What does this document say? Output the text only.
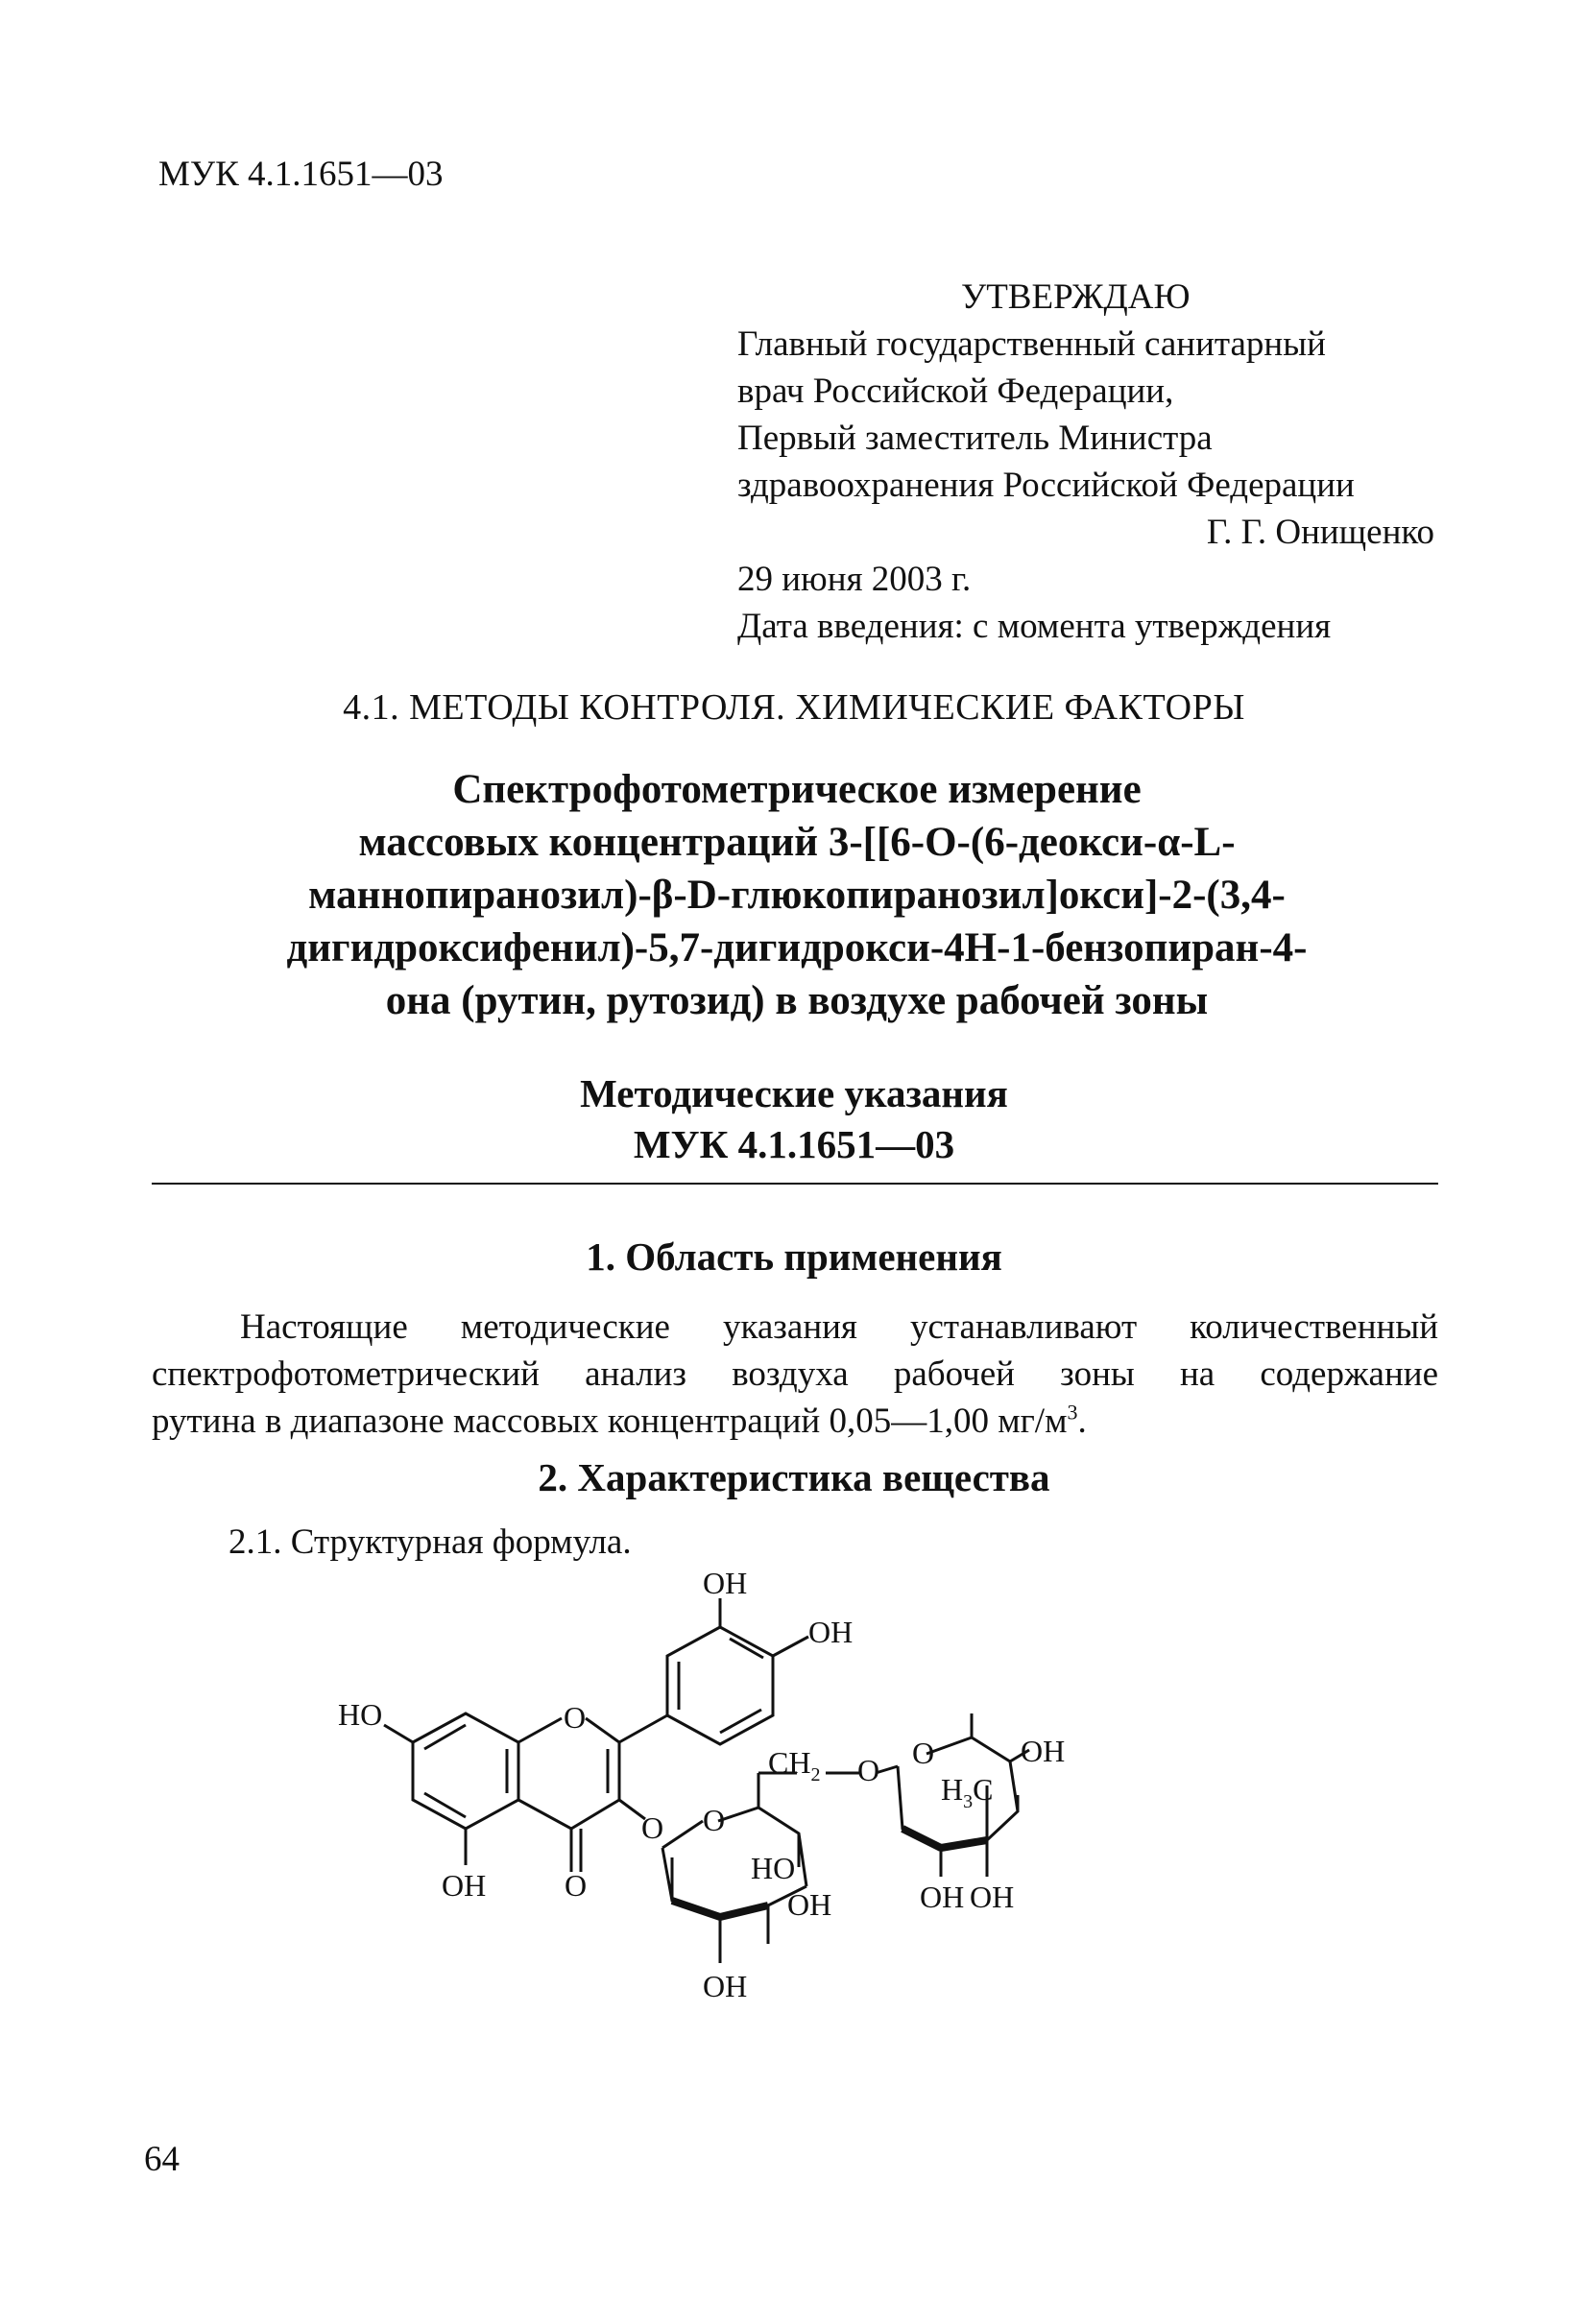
МУК 4.1.1651—03
УТВЕРЖДАЮ
Главный государственный санитарный
врач Российской Федерации,
Первый заместитель Министра
здравоохранения Российской Федерации
Г. Г. Онищенко
29 июня 2003 г.
Дата введения: с момента утверждения
4.1. МЕТОДЫ КОНТРОЛЯ. ХИМИЧЕСКИЕ ФАКТОРЫ
Спектрофотометрическое измерение
массовых концентраций 3-[[6-О-(6-деокси-α-L-
маннопиранозил)-β-D-глюкопиранозил]окси]-2-(3,4-
дигидроксифенил)-5,7-дигидрокси-4Н-1-бензопиран-4-
она (рутин, рутозид) в воздухе рабочей зоны
Методические указания
МУК 4.1.1651—03
1. Область применения
Настоящие методические указания устанавливают количественный
спектрофотометрический анализ воздуха рабочей зоны на содержание
рутина в диапазоне массовых концентраций 0,05—1,00 $мг/м^3$.
2. Характеристика вещества
2.1. Структурная формула.
OH
OH
HO	O
OH	O
O O
HO
OH
OH
$CH_2$ O O	OH
$H_3C$
OH OH
64
